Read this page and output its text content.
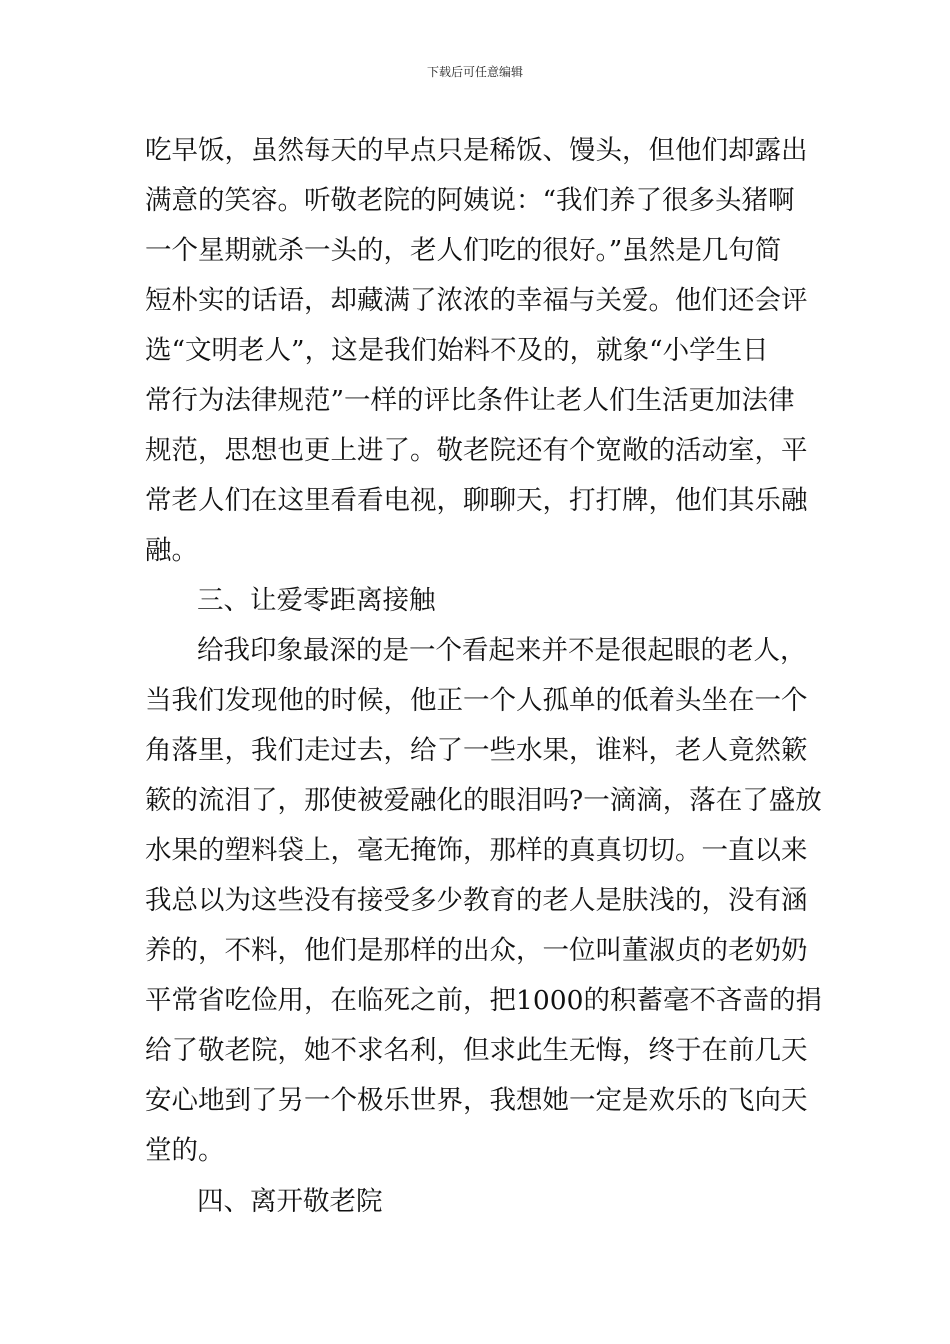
下载后可任意编辑
吃早饭，虽然每天的早点只是稀饭、馒头，但他们却露出
满意的笑容。听敬老院的阿姨说：“我们养了很多头猪啊
一个星期就杀一头的，老人们吃的很好。”虽然是几句简
短朴实的话语，却藏满了浓浓的幸福与关爱。他们还会评
选“文明老人”，这是我们始料不及的，就象“小学生日
常行为法律规范”一样的评比条件让老人们生活更加法律
规范，思想也更上进了。敬老院还有个宽敞的活动室，平
常老人们在这里看看电视，聊聊天，打打牌，他们其乐融
融。
三、让爱零距离接触
给我印象最深的是一个看起来并不是很起眼的老人，
当我们发现他的时候，他正一个人孤单的低着头坐在一个
角落里，我们走过去，给了一些水果，谁料，老人竟然簌
簌的流泪了，那使被爱融化的眼泪吗?一滴滴，落在了盛放
水果的塑料袋上，毫无掩饰，那样的真真切切。一直以来
我总以为这些没有接受多少教育的老人是肤浅的，没有涵
养的，不料，他们是那样的出众，一位叫董淑贞的老奶奶
平常省吃俭用，在临死之前，把1000的积蓄毫不吝啬的捐
给了敬老院，她不求名利，但求此生无悔，终于在前几天
安心地到了另一个极乐世界，我想她一定是欢乐的飞向天
堂的。
四、离开敬老院
